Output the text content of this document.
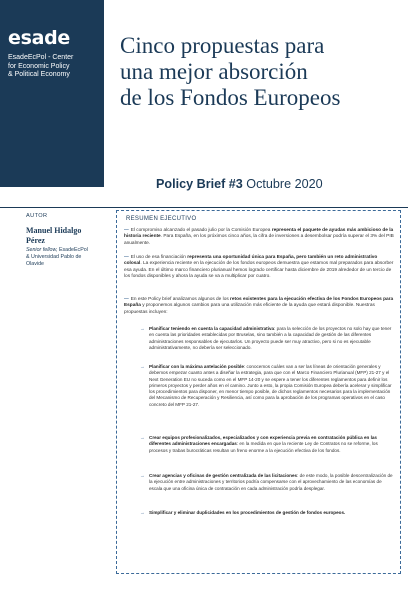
esade
EsadeEcPol - Center
for Economic Policy
& Political Economy
Cinco propuestas para
una mejor absorción
de los Fondos Europeos
Policy Brief #3 Octubre 2020
AUTOR
Manuel Hidalgo
Pérez
Senior fellow, EsadeEcPol
& Universidad Pablo de
Olavide
RESUMEN EJECUTIVO
— El compromiso alcanzado el pasado julio por la Comisión Europea representa el paquete de ayudas más ambicioso de la historia reciente. Para España, en los próximos cinco años, la cifra de inversiones a desembolsar podría superar el 3% del PIB anualmente.
— El uso de esa financiación representa una oportunidad única para España, pero también un reto administrativo colosal. La experiencia reciente en la ejecución de los fondos europeos demuestra que estamos mal preparados para absorber esa ayuda. En el último marco financiero plurianual hemos logrado certificar hasta diciembre de 2019 alrededor de un tercio de los fondos disponibles y ahora la ayuda se va a multiplicar por cuatro.
— En este Policy brief analizamos algunos de los retos existentes para la ejecución efectiva de los Fondos Europeos para España y proponemos algunos cambios para una utilización más eficiente de la ayuda que estará disponible. Nuestras propuestas incluyen:
→ Planificar teniendo en cuenta la capacidad administrativa: para la selección de los proyectos no solo hay que tener en cuenta las prioridades establecidas por Bruselas, sino también a la capacidad de gestión de las diferentes administraciones responsables de ejecutarlos. Un proyecto puede ser muy atractivo, pero si no es ejecutable administrativamente, no debería ser seleccionado.
→ Planificar con la máxima antelación posible: conocemos cuáles van a ser las líneas de orientación generales y debemos empezar cuanto antes a diseñar la estrategia, para que con el Marco Financiero Plurianual (MFP) 21-27 y el Next Generation EU no suceda como en el MFP 14-20 y se espere a tener los diferentes reglamentos para definir los primeros proyectos y perder años en el camino. Junto a esto, la propia Comisión Europea debería acelerar y simplificar los procedimientos para disponer, en menor tiempo posible, de dichos reglamentos necesarios para la implementación del Mecanismo de Recuperación y Resiliencia, así como para la aprobación de los programas operativos en el caso concreto del MFP 21-27.
→ Crear equipos profesionalizados, especializados y con experiencia previa en contratación pública en las diferentes administraciones encargadas: en la medida en que la reciente Ley de Contratos no se reforme, los procesos y trabas burocráticas resultan un freno enorme a la ejecución efectiva de los fondos.
→ Crear agencias y oficinas de gestión centralizada de las licitaciones: de este modo, la posible descentralización de la ejecución entre administraciones y territorios podría compensarse con el aprovechamiento de las economías de escala que una oficina única de contratación en cada administración podría desplegar.
→ Simplificar y eliminar duplicidades en los procedimientos de gestión de fondos europeos.
